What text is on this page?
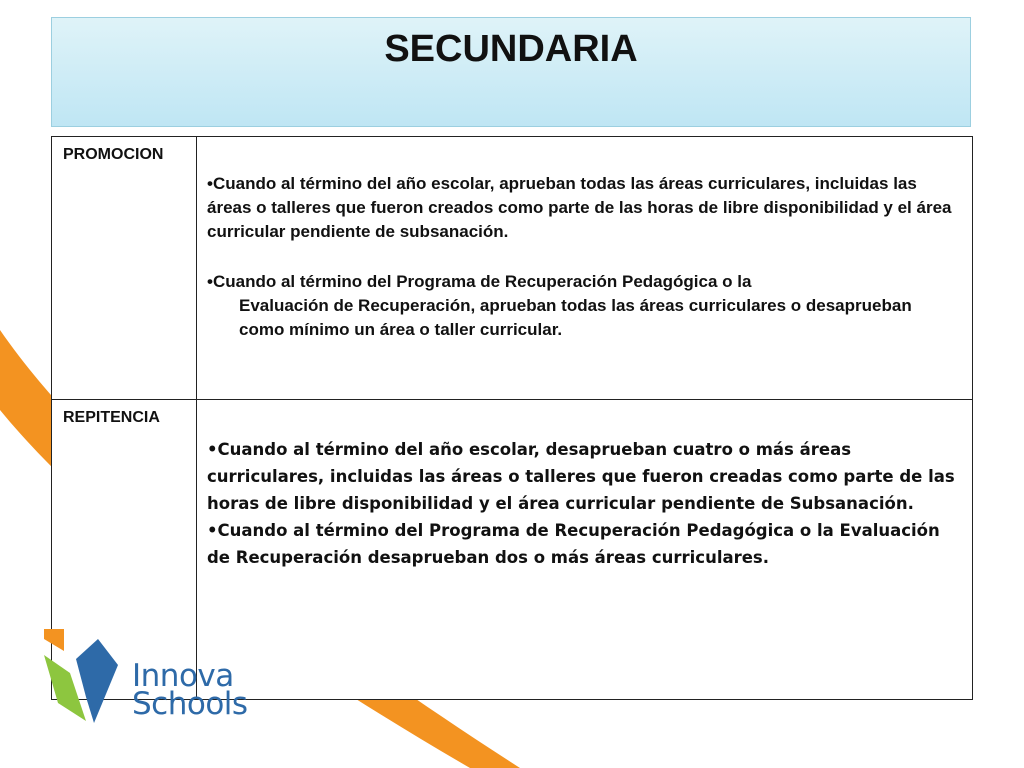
SECUNDARIA
PROMOCION	•Cuando al término del año escolar, aprueban todas las áreas curriculares, incluidas las áreas o talleres que fueron creados como parte de las horas de libre disponibilidad y el área curricular pendiente de subsanación.

•Cuando al término del Programa de Recuperación Pedagógica o la
Evaluación de Recuperación, aprueban todas las áreas curriculares o desaprueban como mínimo un área o taller curricular.

REPITENCIA	•Cuando al término del año escolar, desaprueban cuatro o más áreas curriculares, incluidas las áreas o talleres que fueron creadas como parte de las horas de libre disponibilidad y el área curricular pendiente de Subsanación.

•Cuando al término del Programa de Recuperación Pedagógica o la Evaluación de Recuperación desaprueban dos o más áreas curriculares.

Innova
Schools
